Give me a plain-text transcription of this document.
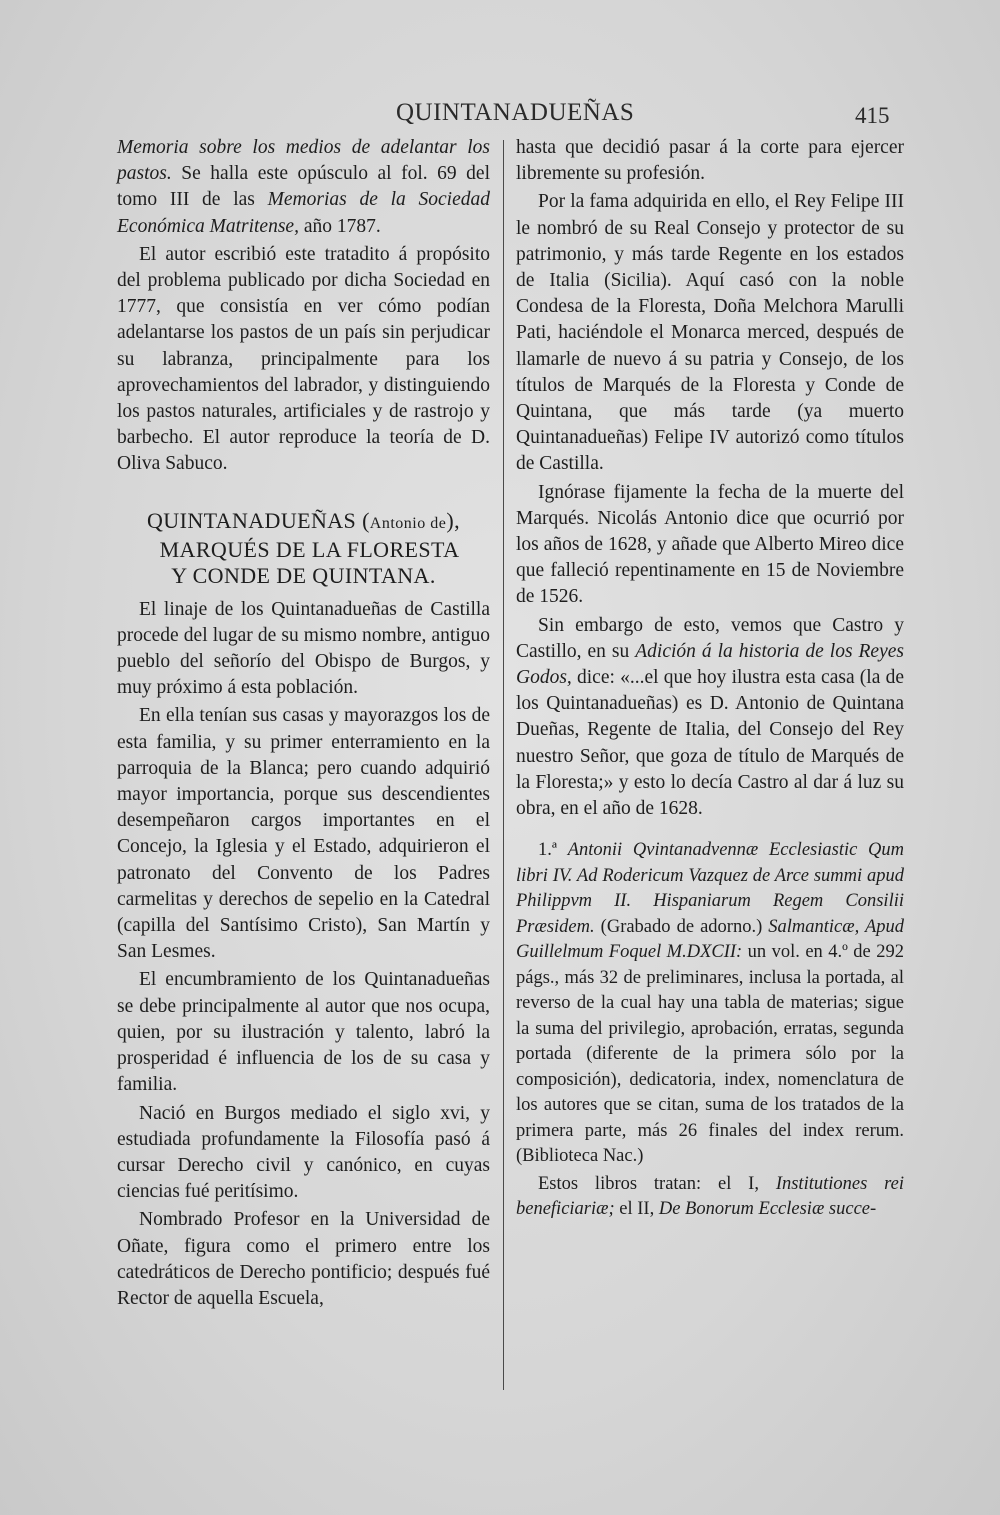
QUINTANADUEÑAS	415

Memoria sobre los medios de adelantar los pastos. Se halla este opúsculo al fol. 69 del tomo III de las Memorias de la Sociedad Económica Matritense, año 1787.

El autor escribió este tratadito á propósito del problema publicado por dicha Sociedad en 1777, que consistía en ver cómo podían adelantarse los pastos de un país sin perjudicar su labranza, principalmente para los aprovechamientos del labrador, y distinguiendo los pastos naturales, artificiales y de rastrojo y barbecho. El autor reproduce la teoría de D. Oliva Sabuco.

QUINTANADUEÑAS (Antonio de),
MARQUÉS DE LA FLORESTA
Y CONDE DE QUINTANA.

El linaje de los Quintanadueñas de Castilla procede del lugar de su mismo nombre, antiguo pueblo del señorío del Obispo de Burgos, y muy próximo á esta población.

En ella tenían sus casas y mayorazgos los de esta familia, y su primer enterramiento en la parroquia de la Blanca; pero cuando adquirió mayor importancia, porque sus descendientes desempeñaron cargos importantes en el Concejo, la Iglesia y el Estado, adquirieron el patronato del Convento de los Padres carmelitas y derechos de sepelio en la Catedral (capilla del Santísimo Cristo), San Martín y San Lesmes.

El encumbramiento de los Quintanadueñas se debe principalmente al autor que nos ocupa, quien, por su ilustración y talento, labró la prosperidad é influencia de los de su casa y familia.

Nació en Burgos mediado el siglo xvi, y estudiada profundamente la Filosofía pasó á cursar Derecho civil y canónico, en cuyas ciencias fué peritísimo.

Nombrado Profesor en la Universidad de Oñate, figura como el primero entre los catedráticos de Derecho pontificio; después fué Rector de aquella Escuela,

hasta que decidió pasar á la corte para ejercer libremente su profesión.

Por la fama adquirida en ello, el Rey Felipe III le nombró de su Real Consejo y protector de su patrimonio, y más tarde Regente en los estados de Italia (Sicilia). Aquí casó con la noble Condesa de la Floresta, Doña Melchora Marulli Pati, haciéndole el Monarca merced, después de llamarle de nuevo á su patria y Consejo, de los títulos de Marqués de la Floresta y Conde de Quintana, que más tarde (ya muerto Quintanadueñas) Felipe IV autorizó como títulos de Castilla.

Ignórase fijamente la fecha de la muerte del Marqués. Nicolás Antonio dice que ocurrió por los años de 1628, y añade que Alberto Mireo dice que falleció repentinamente en 15 de Noviembre de 1526.

Sin embargo de esto, vemos que Castro y Castillo, en su Adición á la historia de los Reyes Godos, dice: «...el que hoy ilustra esta casa (la de los Quintanadueñas) es D. Antonio de Quintana Dueñas, Regente de Italia, del Consejo del Rey nuestro Señor, que goza de título de Marqués de la Floresta;» y esto lo decía Castro al dar á luz su obra, en el año de 1628.

1.ª Antonii Qvintanadvennæ Ecclesiastic Qum libri IV. Ad Rodericum Vazquez de Arce summi apud Philippvm II. Hispaniarum Regem Consilii Præsidem. (Grabado de adorno.) Salmanticæ, Apud Guillelmum Foquel M.DXCII: un vol. en 4.º de 292 págs., más 32 de preliminares, inclusa la portada, al reverso de la cual hay una tabla de materias; sigue la suma del privilegio, aprobación, erratas, segunda portada (diferente de la primera sólo por la composición), dedicatoria, index, nomenclatura de los autores que se citan, suma de los tratados de la primera parte, más 26 finales del index rerum. (Biblioteca Nac.)

Estos libros tratan: el I, Institutiones rei beneficiariæ; el II, De Bonorum Ecclesiæ succe-
